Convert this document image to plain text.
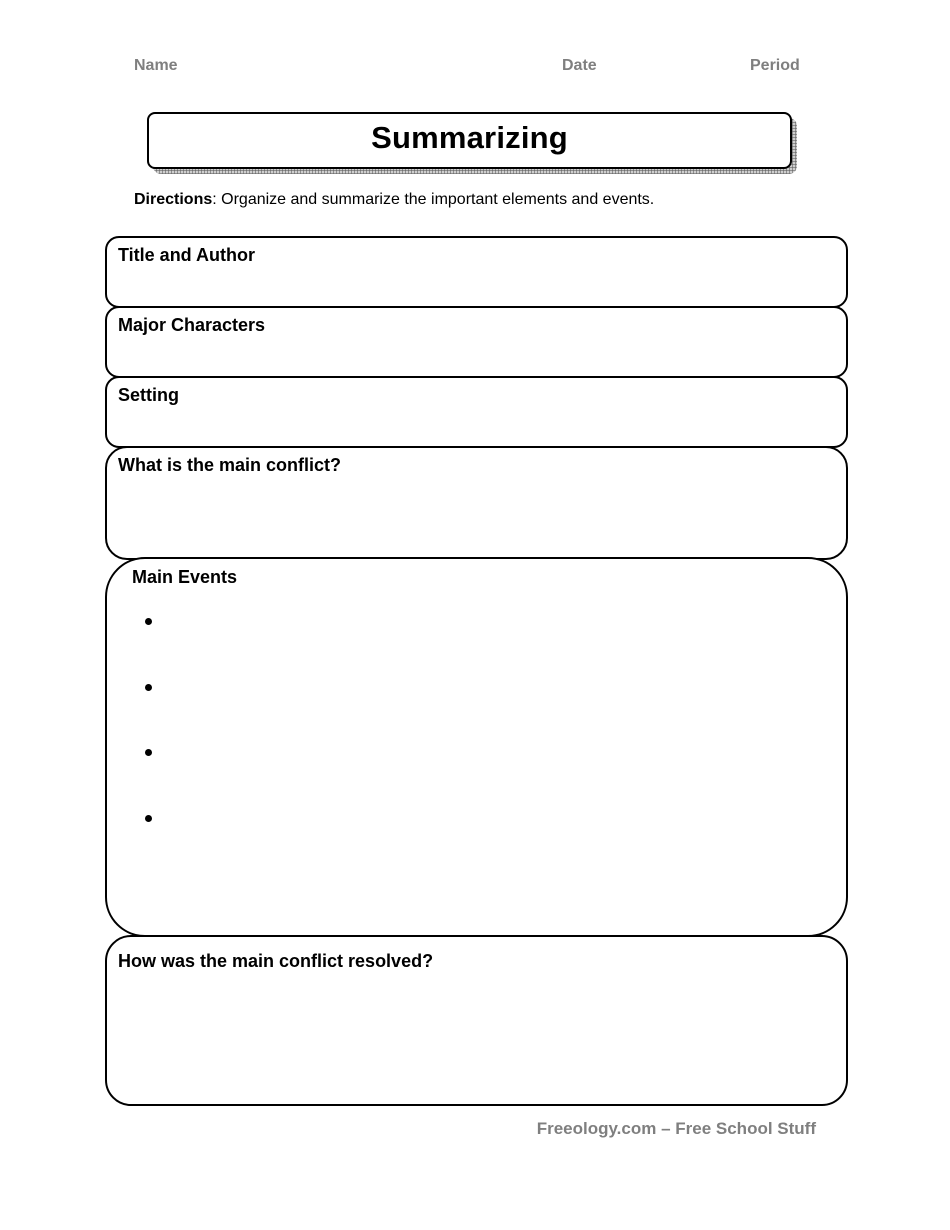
Name	Date	Period
Summarizing
Directions: Organize and summarize the important elements and events.
Title and Author
Major Characters
Setting
What is the main conflict?
Main Events
How was the main conflict resolved?
Freeology.com – Free School Stuff
